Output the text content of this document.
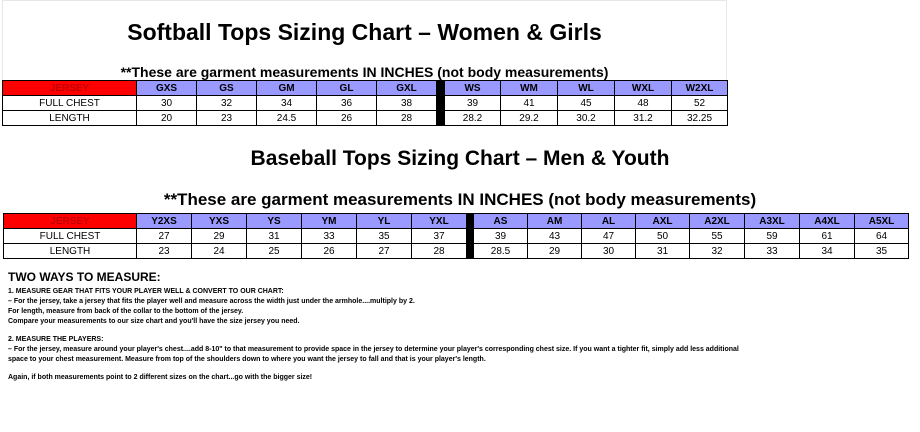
Softball Tops Sizing Chart – Women & Girls
**These are garment measurements IN INCHES (not body measurements)
JERSEY	GXS	GS	GM	GL	GXL		WS	WM	WL	WXL	W2XL
FULL CHEST	30	32	34	36	38		39	41	45	48	52
LENGTH	20	23	24.5	26	28		28.2	29.2	30.2	31.2	32.25
Baseball Tops Sizing Chart – Men & Youth
**These are garment measurements IN INCHES (not body measurements)
JERSEY	Y2XS	YXS	YS	YM	YL	YXL		AS	AM	AL	AXL	A2XL	A3XL	A4XL	A5XL
FULL CHEST	27	29	31	33	35	37		39	43	47	50	55	59	61	64
LENGTH	23	24	25	26	27	28		28.5	29	30	31	32	33	34	35
TWO WAYS TO MEASURE:
1. MEASURE GEAR THAT FITS YOUR PLAYER WELL & CONVERT TO OUR CHART:
– For the jersey, take a jersey that fits the player well and measure across the width just under the armhole....multiply by 2.
For length, measure from back of the collar to the bottom of the jersey.
Compare your measurements to our size chart and you'll have the size jersey you need.
2. MEASURE THE PLAYERS:
– For the jersey, measure around your player's chest....add 8-10" to that measurement to provide space in the jersey to determine your player's corresponding chest size. If you want a tighter fit, simply add less additional
space to your chest measurement. Measure from top of the shoulders down to where you want the jersey to fall and that is your player's length.
Again, if both measurements point to 2 different sizes on the chart...go with the bigger size!
